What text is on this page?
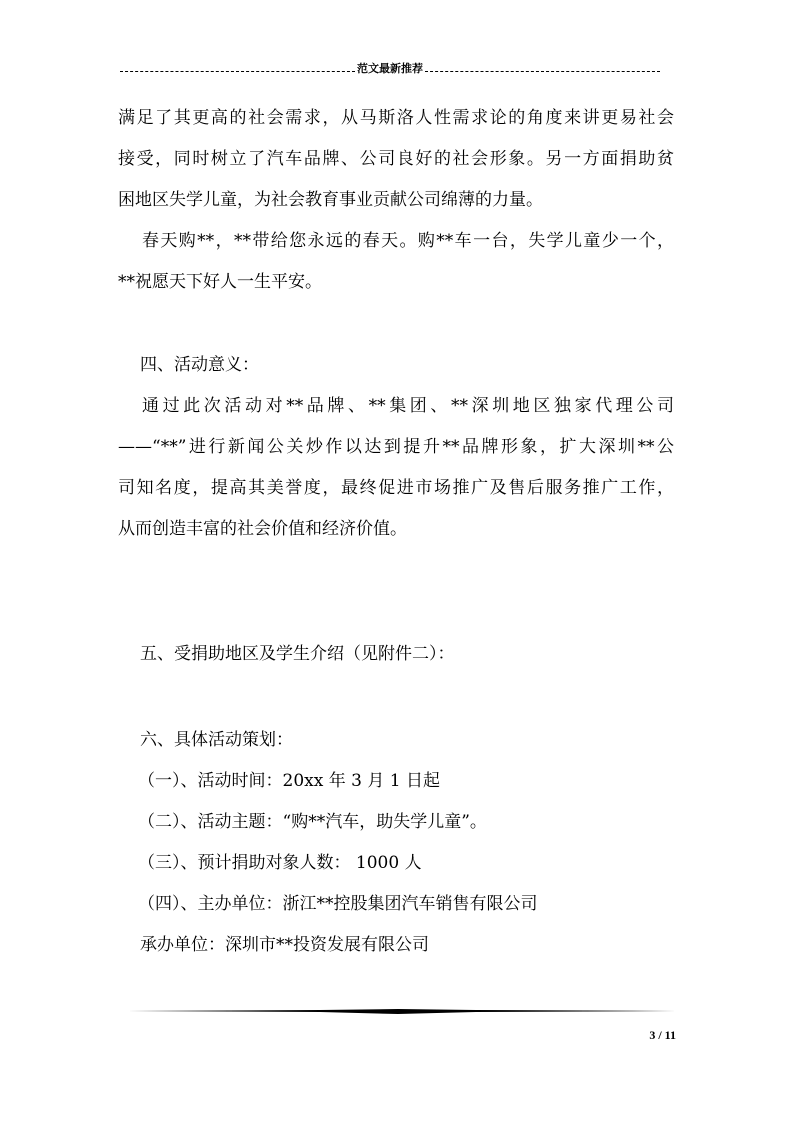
范文最新推荐
满足了其更高的社会需求，从马斯洛人性需求论的角度来讲更易社会
接受，同时树立了汽车品牌、公司良好的社会形象。另一方面捐助贫
困地区失学儿童，为社会教育事业贡献公司绵薄的力量。
春天购**，**带给您永远的春天。购**车一台，失学儿童少一个，
**祝愿天下好人一生平安。
四、活动意义：
通过此次活动对**品牌、**集团、**深圳地区独家代理公司
——“**”进行新闻公关炒作以达到提升**品牌形象，扩大深圳**公
司知名度，提高其美誉度，最终促进市场推广及售后服务推广工作，
从而创造丰富的社会价值和经济价值。
五、受捐助地区及学生介绍（见附件二）：
六、具体活动策划：
（一）、活动时间：20xx 年 3 月 1 日起
（二）、活动主题：“购**汽车，助失学儿童”。
（三）、预计捐助对象人数： 1000 人
（四）、主办单位：浙江**控股集团汽车销售有限公司
承办单位：深圳市**投资发展有限公司
3 / 11
